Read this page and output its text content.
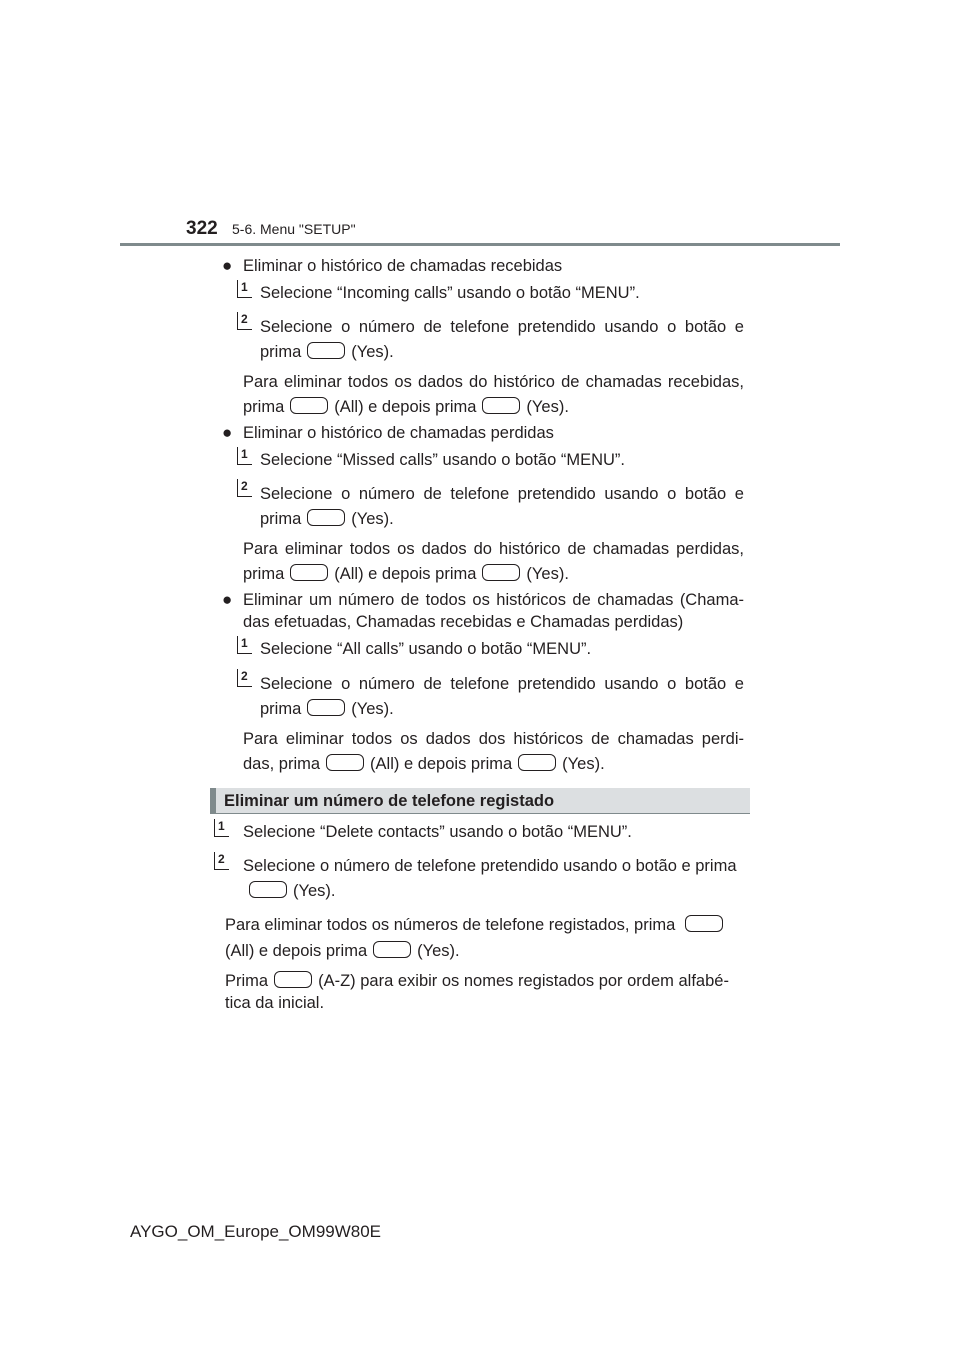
322 5-6. Menu "SETUP"
● Eliminar o histórico de chamadas recebidas
1 Selecione “Incoming calls” usando o botão “MENU”.
2 Selecione o número de telefone pretendido usando o botão e
prima	(Yes).
Para eliminar todos os dados do histórico de chamadas recebidas,
prima	(All) e depois prima	(Yes).
● Eliminar o histórico de chamadas perdidas
1 Selecione “Missed calls” usando o botão “MENU”.
2 Selecione o número de telefone pretendido usando o botão e
prima	(Yes).
Para eliminar todos os dados do histórico de chamadas perdidas,
prima	(All) e depois prima	(Yes).
● Eliminar um número de todos os históricos de chamadas (Chama-
das efetuadas, Chamadas recebidas e Chamadas perdidas)
1 Selecione “All calls” usando o botão “MENU”.
2 Selecione o número de telefone pretendido usando o botão e
prima	(Yes).
Para eliminar todos os dados dos históricos de chamadas perdi-
das, prima	(All) e depois prima	(Yes).
Eliminar um número de telefone registado
1 Selecione “Delete contacts” usando o botão “MENU”.
2 Selecione o número de telefone pretendido usando o botão e prima
(Yes).
Para eliminar todos os números de telefone registados, prima
(All) e depois prima	(Yes).
Prima	(A-Z) para exibir os nomes registados por ordem alfabé-
tica da inicial.
AYGO_OM_Europe_OM99W80E
